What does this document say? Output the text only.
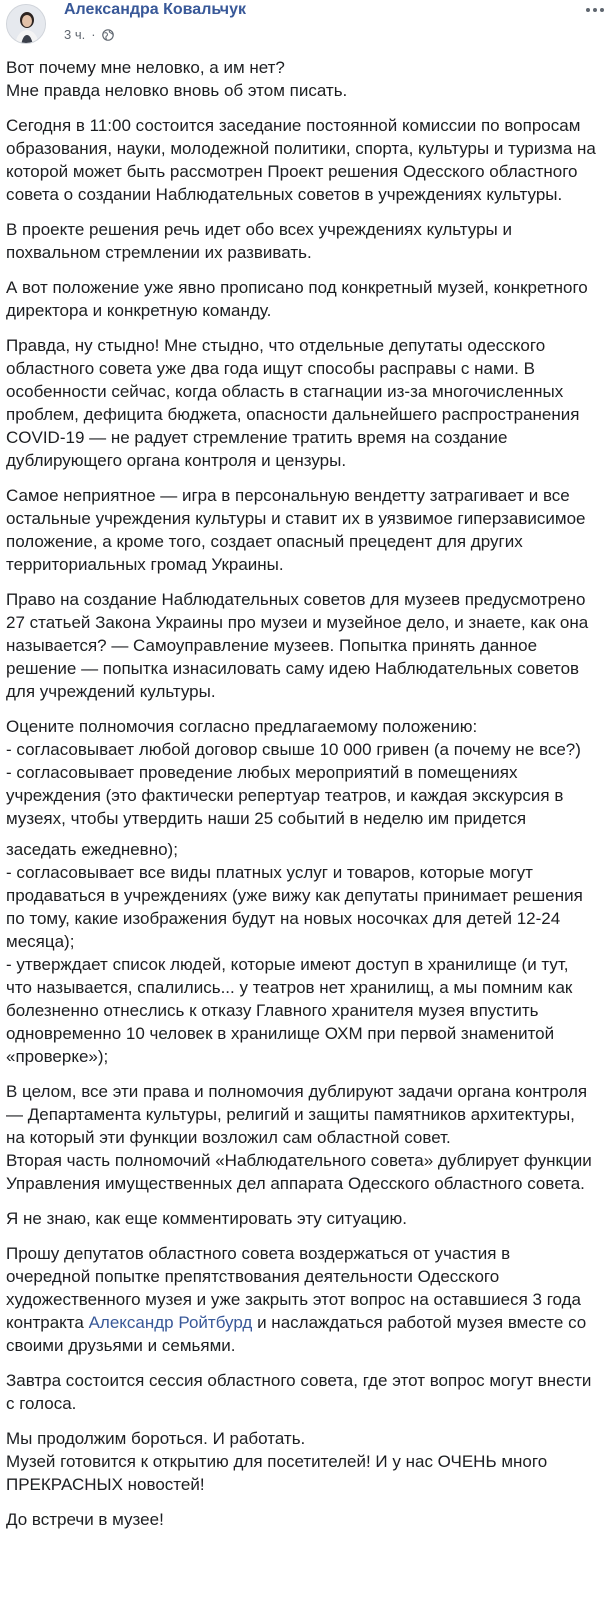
Александра Ковальчук
3 ч. ·

Вот почему мне неловко, а им нет?
Мне правда неловко вновь об этом писать.

Сегодня в 11:00 состоится заседание постоянной комиссии по вопросам образования, науки, молодежной политики, спорта, культуры и туризма на которой может быть рассмотрен Проект решения Одесского областного совета о создании Наблюдательных советов в учреждениях культуры.

В проекте решения речь идет обо всех учреждениях культуры и похвальном стремлении их развивать.

А вот положение уже явно прописано под конкретный музей, конкретного директора и конкретную команду.

Правда, ну стыдно! Мне стыдно, что отдельные депутаты одесского областного совета уже два года ищут способы расправы с нами. В особенности сейчас, когда область в стагнации из-за многочисленных проблем, дефицита бюджета, опасности дальнейшего распространения COVID-19 — не радует стремление тратить время на создание дублирующего органа контроля и цензуры.

Самое неприятное — игра в персональную вендетту затрагивает и все остальные учреждения культуры и ставит их в уязвимое гиперзависимое положение, а кроме того, создает опасный прецедент для других территориальных громад Украины.

Право на создание Наблюдательных советов для музеев предусмотрено 27 статьей Закона Украины про музеи и музейное дело, и знаете, как она называется? — Самоуправление музеев. Попытка принять данное решение — попытка изнасиловать саму идею Наблюдательных советов для учреждений культуры.

Оцените полномочия согласно предлагаемому положению:
- согласовывает любой договор свыше 10 000 гривен (а почему не все?)
- согласовывает проведение любых мероприятий в помещениях учреждения (это фактически репертуар театров, и каждая экскурсия в музеях, чтобы утвердить наши 25 событий в неделю им придется

заседать ежедневно);
- согласовывает все виды платных услуг и товаров, которые могут продаваться в учреждениях (уже вижу как депутаты принимает решения по тому, какие изображения будут на новых носочках для детей 12-24 месяца);
- утверждает список людей, которые имеют доступ в хранилище (и тут, что называется, спалились... у театров нет хранилищ, а мы помним как болезненно отнеслись к отказу Главного хранителя музея впустить одновременно 10 человек в хранилище ОХМ при первой знаменитой «проверке»);

В целом, все эти права и полномочия дублируют задачи органа контроля — Департамента культуры, религий и защиты памятников архитектуры, на который эти функции возложил сам областной совет.
Вторая часть полномочий «Наблюдательного совета» дублирует функции Управления имущественных дел аппарата Одесского областного совета.

Я не знаю, как еще комментировать эту ситуацию.

Прошу депутатов областного совета воздержаться от участия в очередной попытке препятствования деятельности Одесского художественного музея и уже закрыть этот вопрос на оставшиеся 3 года контракта Александр Ройтбурд и наслаждаться работой музея вместе со своими друзьями и семьями.

Завтра состоится сессия областного совета, где этот вопрос могут внести с голоса.

Мы продолжим бороться. И работать.
Музей готовится к открытию для посетителей! И у нас ОЧЕНЬ много ПРЕКРАСНЫХ новостей!

До встречи в музее!
